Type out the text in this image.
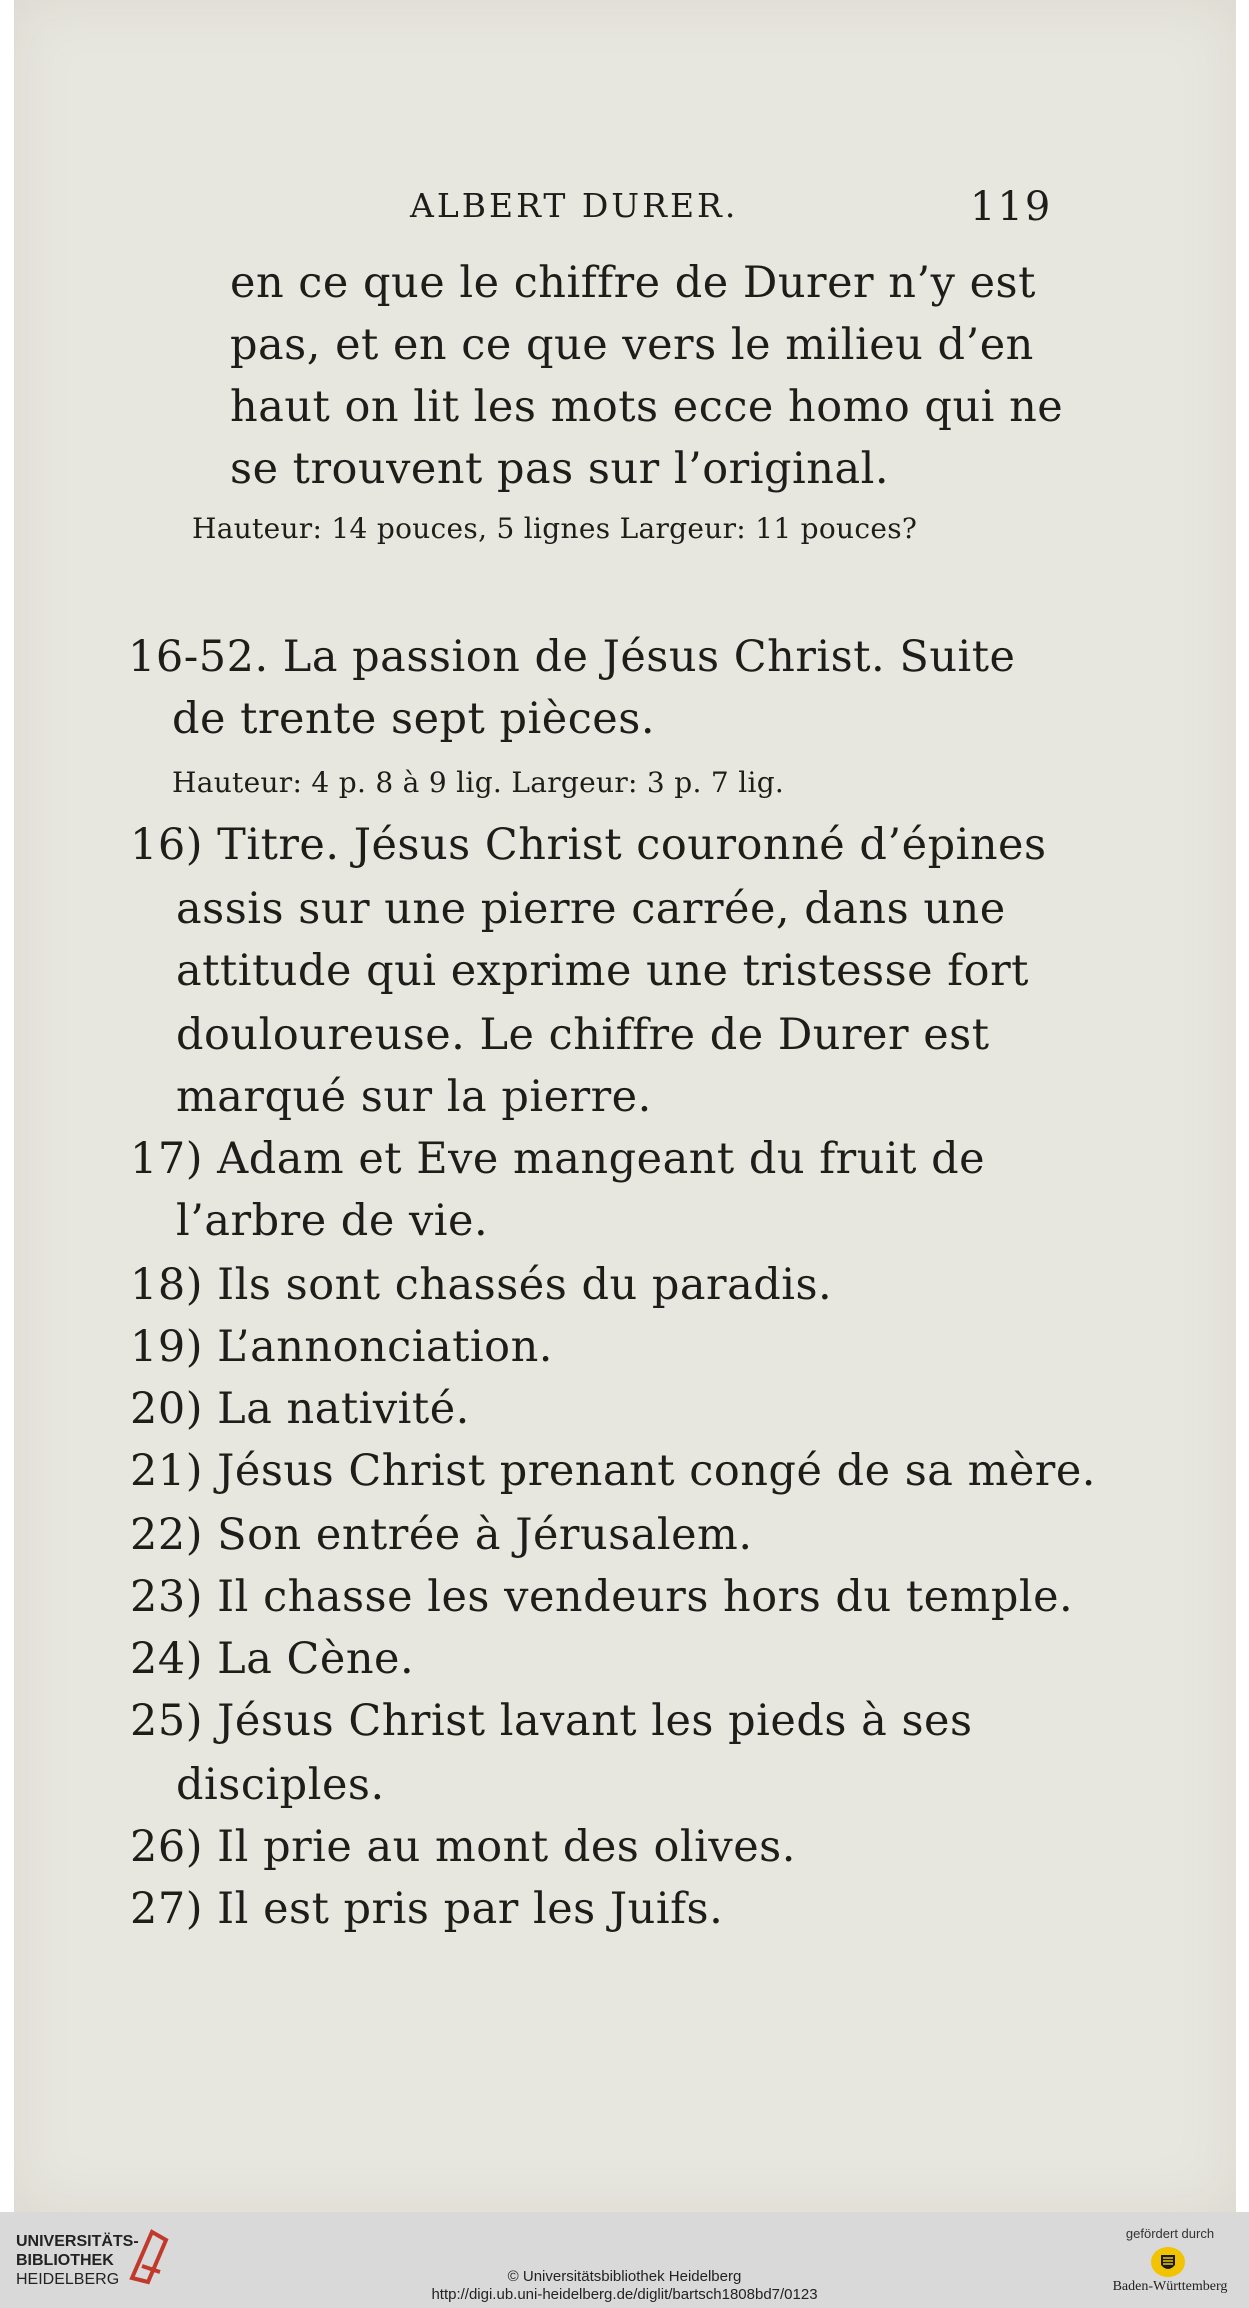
ALBERT DURER.	119
en ce que le chiffre de Durer n’y est
pas, et en ce que vers le milieu d’en
haut on lit les mots ecce homo qui ne
se trouvent pas sur l’original.
Hauteur: 14 pouces, 5 lignes Largeur: 11 pouces?
16-52. La passion de Jésus Christ. Suite
de trente sept pièces.
Hauteur: 4 p. 8 à 9 lig. Largeur: 3 p. 7 lig.
16) Titre. Jésus Christ couronné d’épines
assis sur une pierre carrée, dans une
attitude qui exprime une tristesse fort
douloureuse. Le chiffre de Durer est
marqué sur la pierre.
17) Adam et Eve mangeant du fruit de
l’arbre de vie.
18) Ils sont chassés du paradis.
19) L’annonciation.
20) La nativité.
21) Jésus Christ prenant congé de sa mère.
22) Son entrée à Jérusalem.
23) Il chasse les vendeurs hors du temple.
24) La Cène.
25) Jésus Christ lavant les pieds à ses
disciples.
26) Il prie au mont des olives.
27) Il est pris par les Juifs.
UNIVERSITÄTS-
BIBLIOTHEK
HEIDELBERG	© Universitätsbibliothek Heidelberg
http://digi.ub.uni-heidelberg.de/diglit/bartsch1808bd7/0123
gefördert durch
Baden-Württemberg
